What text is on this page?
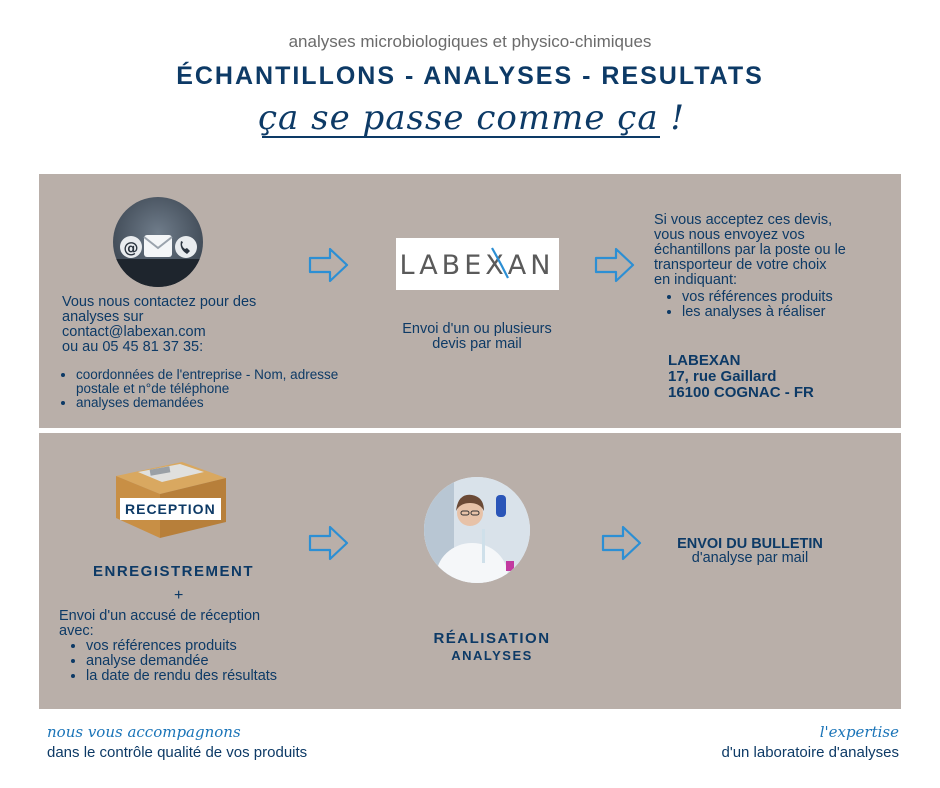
analyses microbiologiques et physico-chimiques
ÉCHANTILLONS - ANALYSES - RESULTATS
ça se passe comme ça !
@
Vous nous contactez pour des
analyses sur
contact@labexan.com
ou au 05 45 81 37 35:
• coordonnées de l'entreprise - Nom, adresse postale et n°de téléphone
• analyses demandées
LABEXAN
Envoi d'un ou plusieurs
devis par mail
Si vous acceptez ces devis,
vous nous envoyez vos
échantillons par la poste ou le
transporteur de votre choix
en indiquant:
• vos références produits
• les analyses à réaliser
LABEXAN
17, rue Gaillard
16100 COGNAC - FR
RECEPTION
ENREGISTREMENT
+
Envoi d'un accusé de réception
avec:
• vos références produits
• analyse demandée
• la date de rendu des résultats
RÉALISATION
ANALYSES
ENVOI DU BULLETIN
d'analyse par mail
nous vous accompagnons
dans le contrôle qualité de vos produits
l'expertise
d'un laboratoire d'analyses
